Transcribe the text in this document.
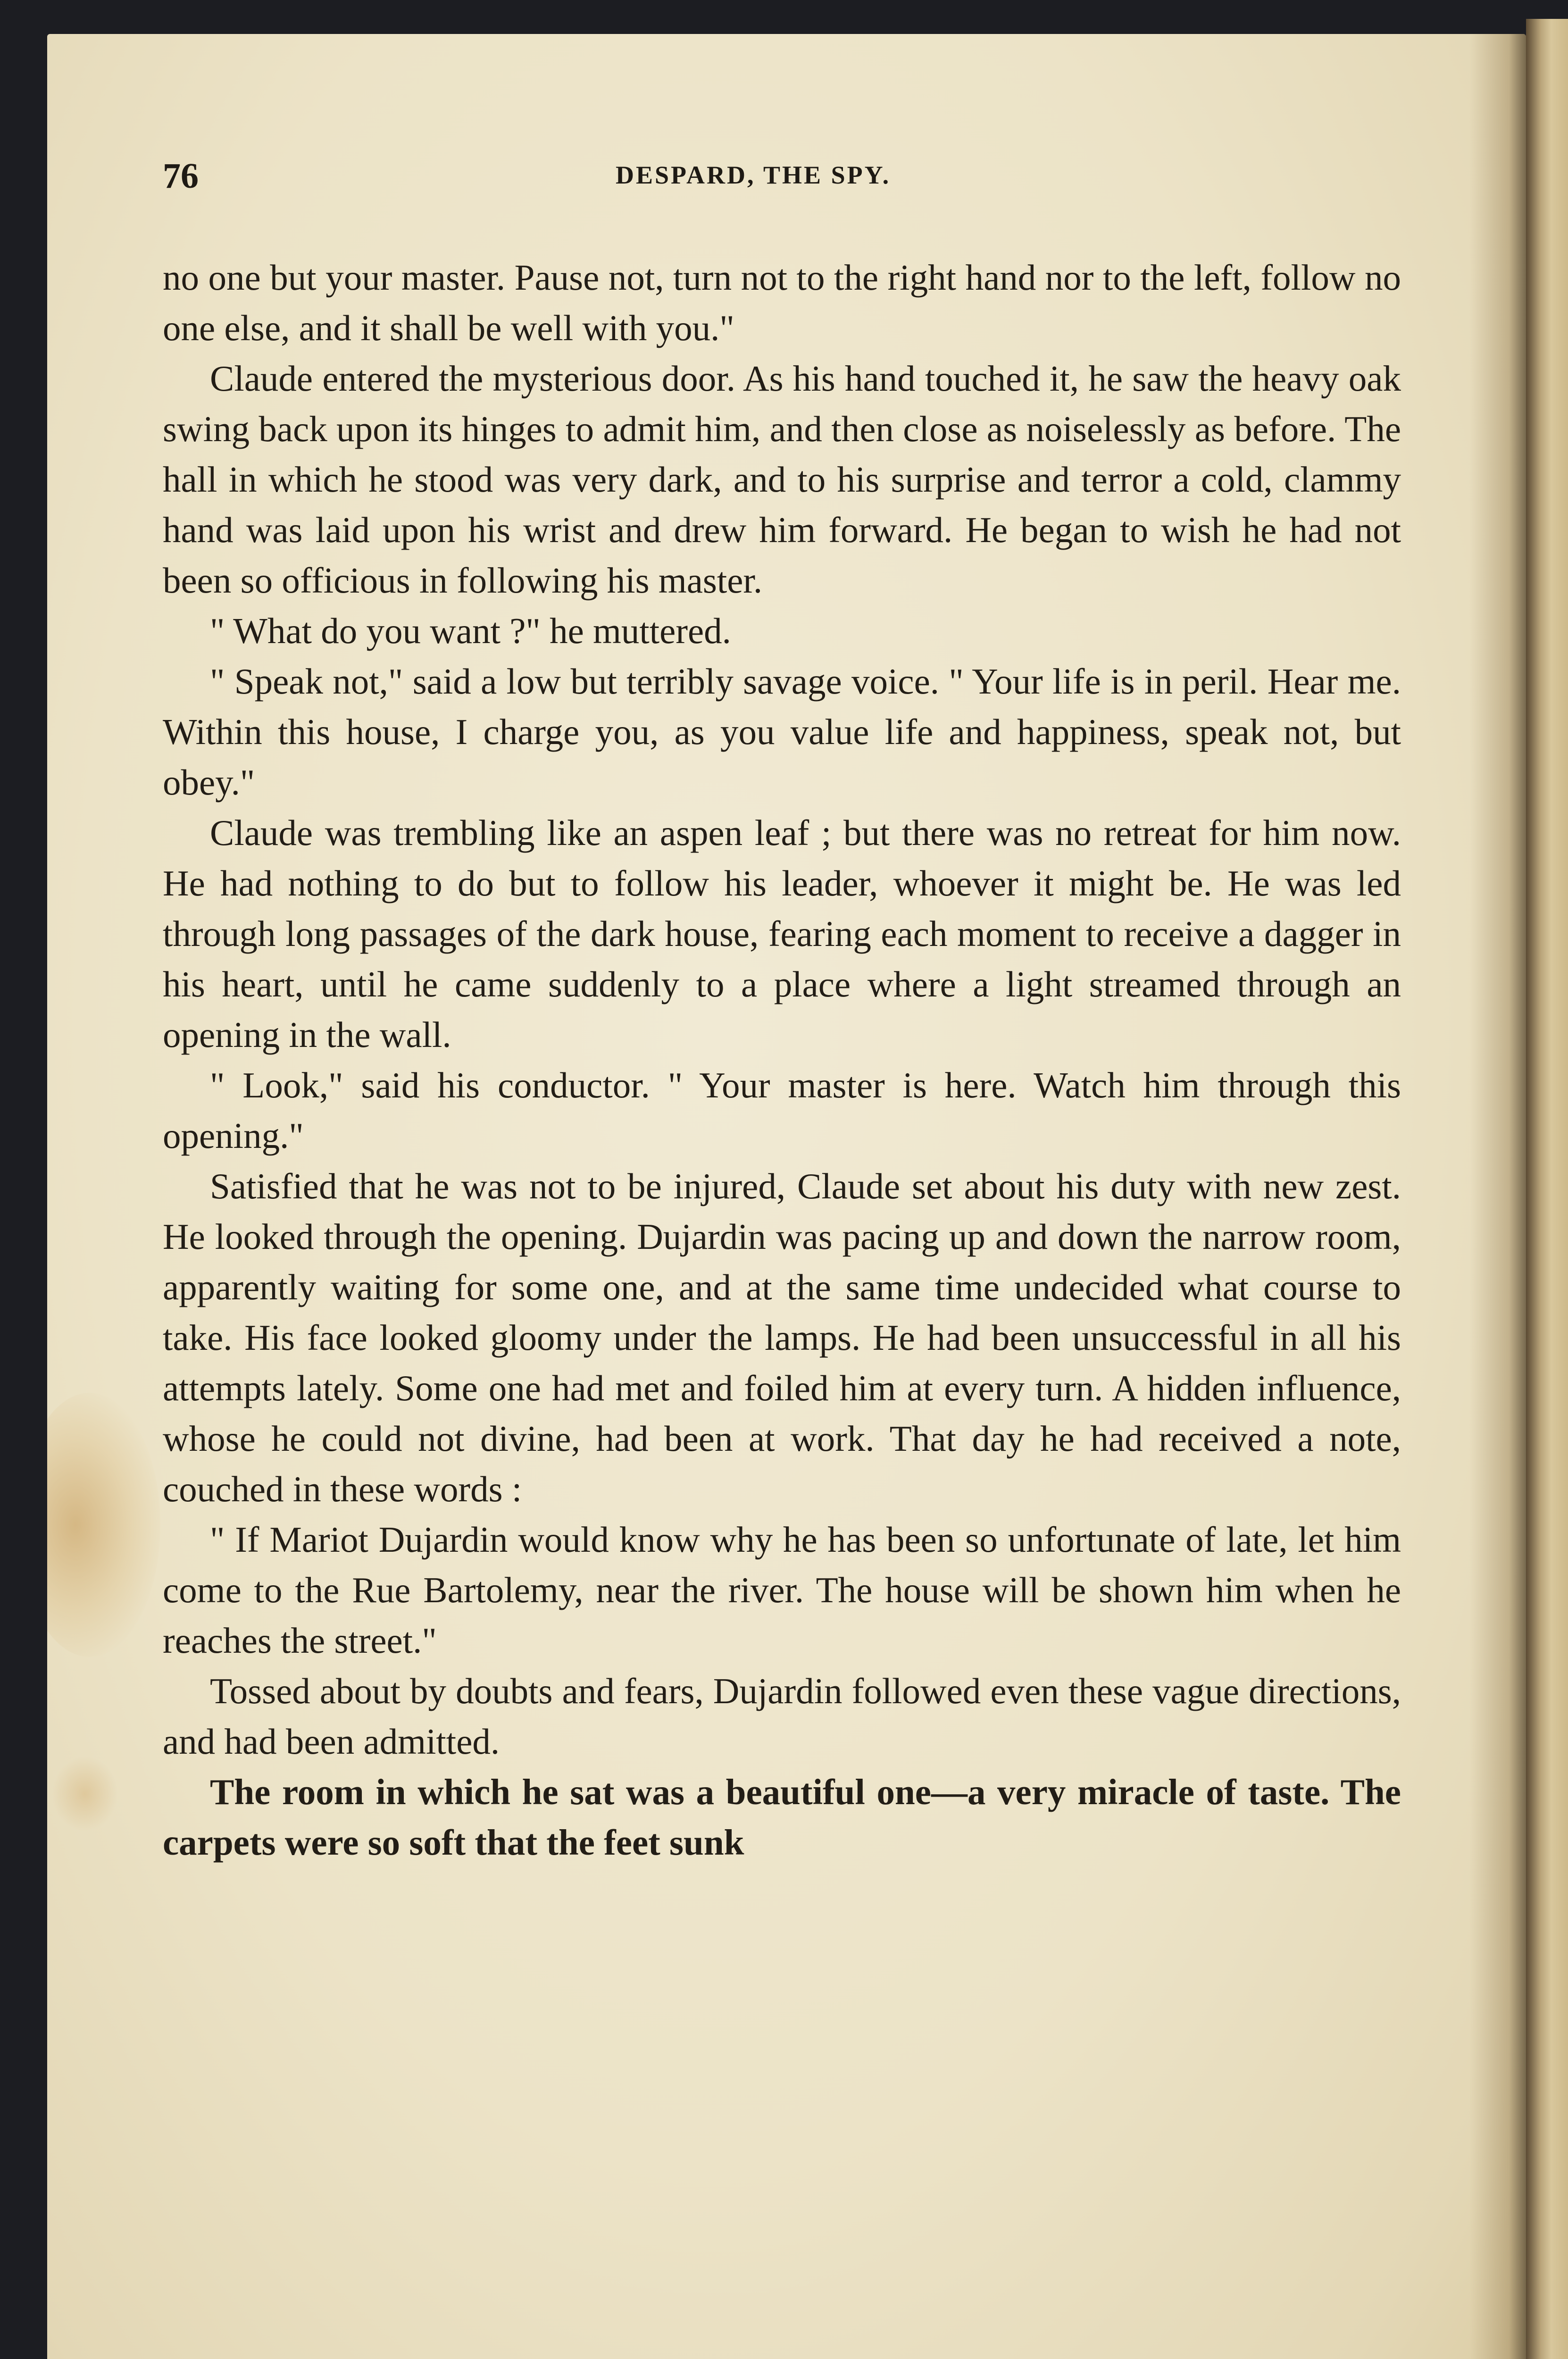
76	DESPARD, THE SPY.

no one but your master. Pause not, turn not to the right hand nor to the left, follow no one else, and it shall be well with you."

Claude entered the mysterious door. As his hand touched it, he saw the heavy oak swing back upon its hinges to admit him, and then close as noiselessly as before. The hall in which he stood was very dark, and to his surprise and terror a cold, clammy hand was laid upon his wrist and drew him forward. He began to wish he had not been so officious in following his master.

" What do you want ?" he muttered.

" Speak not," said a low but terribly savage voice. " Your life is in peril. Hear me. Within this house, I charge you, as you value life and happiness, speak not, but obey."

Claude was trembling like an aspen leaf ; but there was no retreat for him now. He had nothing to do but to follow his leader, whoever it might be. He was led through long passages of the dark house, fearing each moment to receive a dagger in his heart, until he came suddenly to a place where a light streamed through an opening in the wall.

" Look," said his conductor. " Your master is here. Watch him through this opening."

Satisfied that he was not to be injured, Claude set about his duty with new zest. He looked through the opening. Dujardin was pacing up and down the narrow room, apparently waiting for some one, and at the same time undecided what course to take. His face looked gloomy under the lamps. He had been unsuccessful in all his attempts lately. Some one had met and foiled him at every turn. A hidden influence, whose he could not divine, had been at work. That day he had received a note, couched in these words :

" If Mariot Dujardin would know why he has been so unfortunate of late, let him come to the Rue Bartolemy, near the river. The house will be shown him when he reaches the street."

Tossed about by doubts and fears, Dujardin followed even these vague directions, and had been admitted.

The room in which he sat was a beautiful one—a very miracle of taste. The carpets were so soft that the feet sunk
